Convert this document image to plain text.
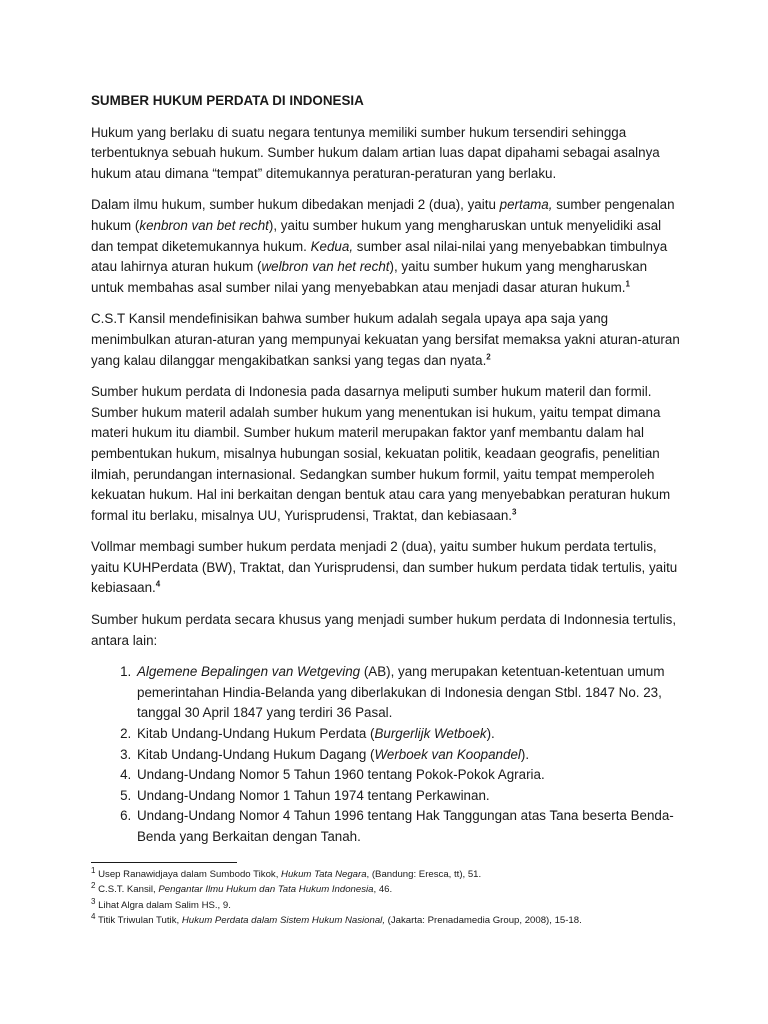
SUMBER HUKUM PERDATA DI INDONESIA

Hukum yang berlaku di suatu negara tentunya memiliki sumber hukum tersendiri sehingga terbentuknya sebuah hukum. Sumber hukum dalam artian luas dapat dipahami sebagai asalnya hukum atau dimana “tempat” ditemukannya peraturan-peraturan yang berlaku.

Dalam ilmu hukum, sumber hukum dibedakan menjadi 2 (dua), yaitu pertama, sumber pengenalan hukum (kenbron van bet recht), yaitu sumber hukum yang mengharuskan untuk menyelidiki asal dan tempat diketemukannya hukum. Kedua, sumber asal nilai-nilai yang menyebabkan timbulnya atau lahirnya aturan hukum (welbron van het recht), yaitu sumber hukum yang mengharuskan untuk membahas asal sumber nilai yang menyebabkan atau menjadi dasar aturan hukum.$^1$

C.S.T Kansil mendefinisikan bahwa sumber hukum adalah segala upaya apa saja yang menimbulkan aturan-aturan yang mempunyai kekuatan yang bersifat memaksa yakni aturan-aturan yang kalau dilanggar mengakibatkan sanksi yang tegas dan nyata.$^2$

Sumber hukum perdata di Indonesia pada dasarnya meliputi sumber hukum materil dan formil. Sumber hukum materil adalah sumber hukum yang menentukan isi hukum, yaitu tempat dimana materi hukum itu diambil. Sumber hukum materil merupakan faktor yanf membantu dalam hal pembentukan hukum, misalnya hubungan sosial, kekuatan politik, keadaan geografis, penelitian ilmiah, perundangan internasional. Sedangkan sumber hukum formil, yaitu tempat memperoleh kekuatan hukum. Hal ini berkaitan dengan bentuk atau cara yang menyebabkan peraturan hukum formal itu berlaku, misalnya UU, Yurisprudensi, Traktat, dan kebiasaan.$^3$

Vollmar membagi sumber hukum perdata menjadi 2 (dua), yaitu sumber hukum perdata tertulis, yaitu KUHPerdata (BW), Traktat, dan Yurisprudensi, dan sumber hukum perdata tidak tertulis, yaitu kebiasaan.$^4$

Sumber hukum perdata secara khusus yang menjadi sumber hukum perdata di Indonnesia tertulis, antara lain:

1. Algemene Bepalingen van Wetgeving (AB), yang merupakan ketentuan-ketentuan umum pemerintahan Hindia-Belanda yang diberlakukan di Indonesia dengan Stbl. 1847 No. 23, tanggal 30 April 1847 yang terdiri 36 Pasal.
2. Kitab Undang-Undang Hukum Perdata (Burgerlijk Wetboek).
3. Kitab Undang-Undang Hukum Dagang (Werboek van Koopandel).
4. Undang-Undang Nomor 5 Tahun 1960 tentang Pokok-Pokok Agraria.
5. Undang-Undang Nomor 1 Tahun 1974 tentang Perkawinan.
6. Undang-Undang Nomor 4 Tahun 1996 tentang Hak Tanggungan atas Tana beserta Benda-Benda yang Berkaitan dengan Tanah.

$^1$ Usep Ranawidjaya dalam Sumbodo Tikok, Hukum Tata Negara, (Bandung: Eresca, tt), 51.

$^2$ C.S.T. Kansil, Pengantar Ilmu Hukum dan Tata Hukum Indonesia, 46.

$^3$ Lihat Algra dalam Salim HS., 9.

$^4$ Titik Triwulan Tutik, Hukum Perdata dalam Sistem Hukum Nasional, (Jakarta: Prenadamedia Group, 2008), 15-18.
